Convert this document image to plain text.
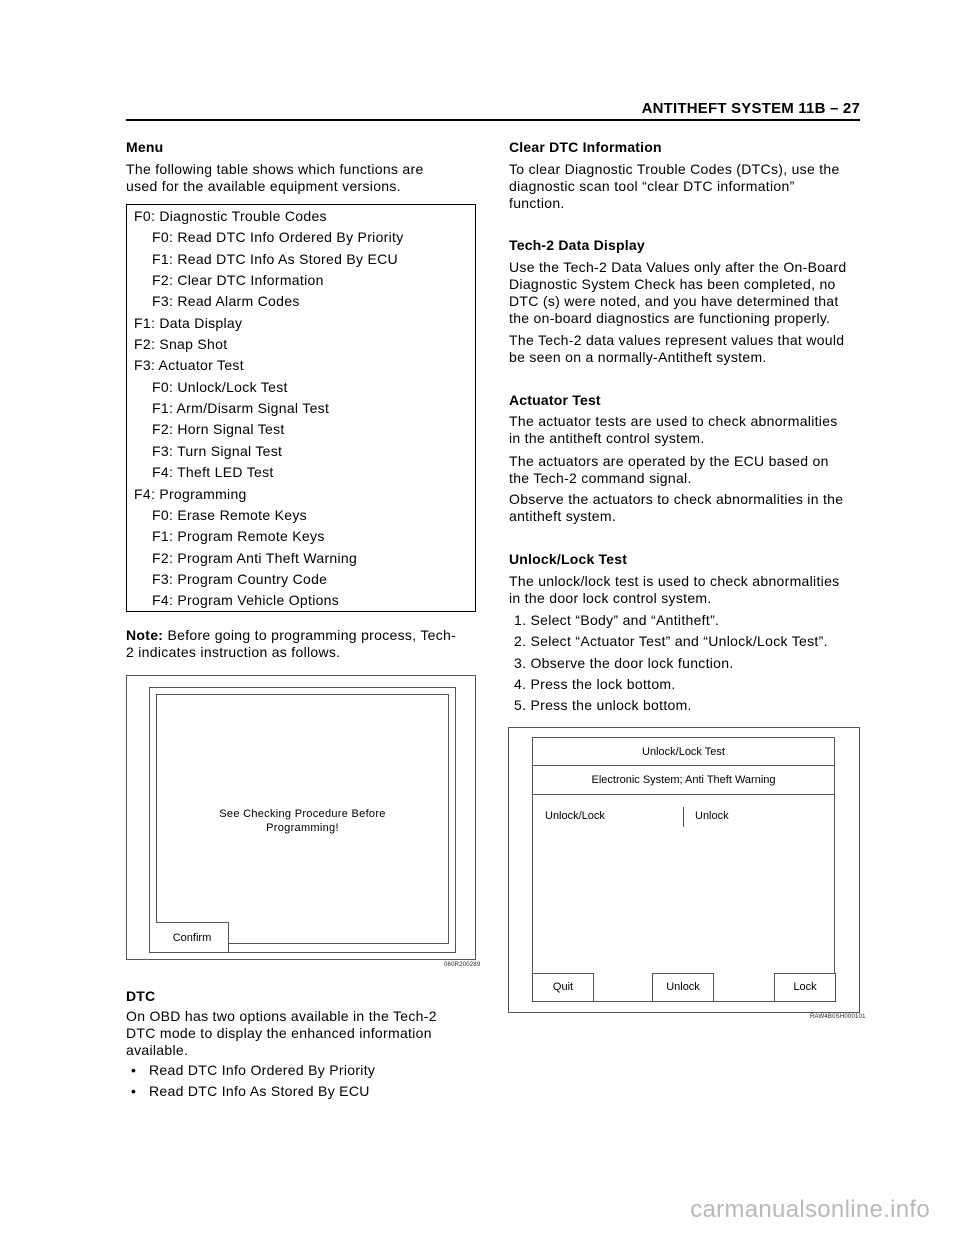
ANTITHEFT SYSTEM 11B – 27
Menu
The following table shows which functions are
used for the available equipment versions.
F0: Diagnostic Trouble Codes
F0: Read DTC Info Ordered By Priority
F1: Read DTC Info As Stored By ECU
F2: Clear DTC Information
F3: Read Alarm Codes
F1: Data Display
F2: Snap Shot
F3: Actuator Test
F0: Unlock/Lock Test
F1: Arm/Disarm Signal Test
F2: Horn Signal Test
F3: Turn Signal Test
F4: Theft LED Test
F4: Programming
F0: Erase Remote Keys
F1: Program Remote Keys
F2: Program Anti Theft Warning
F3: Program Country Code
F4: Program Vehicle Options
Note: Before going to programming process, Tech-
2 indicates instruction as follows.
See Checking Procedure Before
Programming!
Confirm
060R200289
DTC
On OBD has two options available in the Tech-2
DTC mode to display the enhanced information
available.
• Read DTC Info Ordered By Priority
• Read DTC Info As Stored By ECU
Clear DTC Information
To clear Diagnostic Trouble Codes (DTCs), use the
diagnostic scan tool “clear DTC information”
function.
Tech-2 Data Display
Use the Tech-2 Data Values only after the On-Board
Diagnostic System Check has been completed, no
DTC (s) were noted, and you have determined that
the on-board diagnostics are functioning properly.
The Tech-2 data values represent values that would
be seen on a normally-Antitheft system.
Actuator Test
The actuator tests are used to check abnormalities
in the antitheft control system.
The actuators are operated by the ECU based on
the Tech-2 command signal.
Observe the actuators to check abnormalities in the
antitheft system.
Unlock/Lock Test
The unlock/lock test is used to check abnormalities
in the door lock control system.
1. Select “Body” and “Antitheft”.
2. Select “Actuator Test” and “Unlock/Lock Test”.
3. Observe the door lock function.
4. Press the lock bottom.
5. Press the unlock bottom.
Unlock/Lock Test
Electronic System; Anti Theft Warning
Unlock/Lock	Unlock
Quit	Unlock	Lock
RAW4B0SH000101
carmanualsonline.info
